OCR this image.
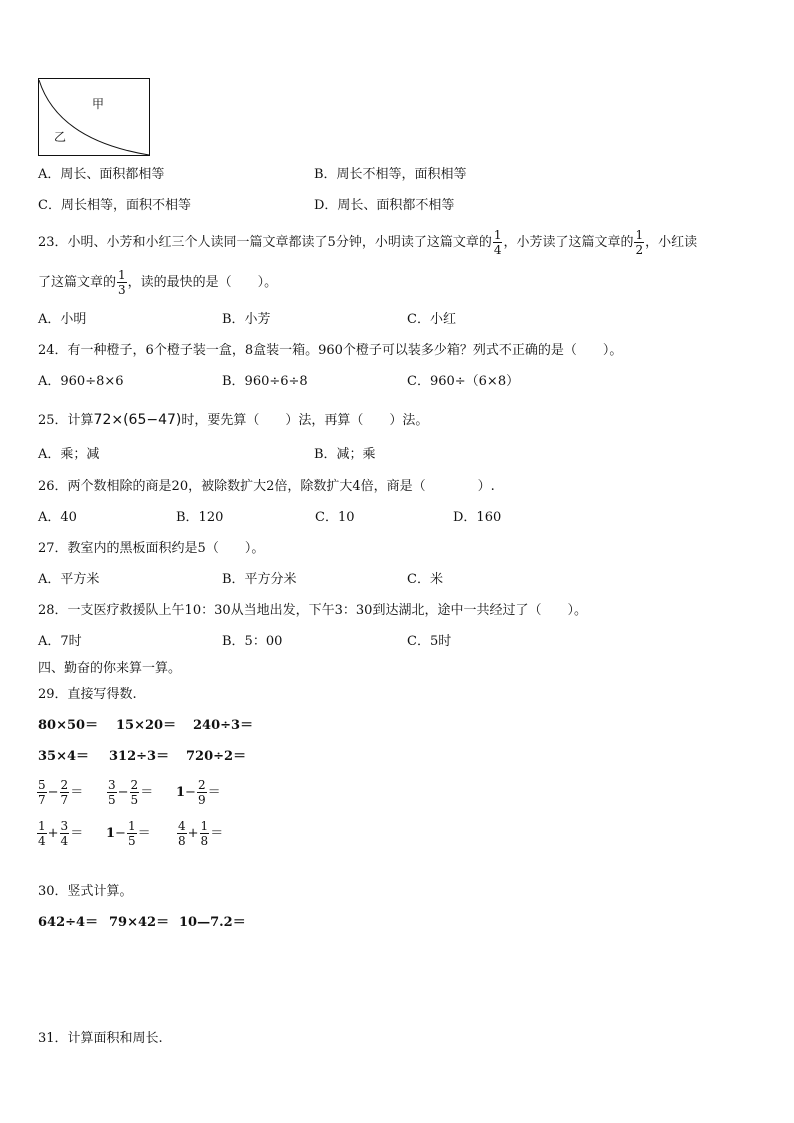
甲
乙
A．周长、面积都相等	B．周长不相等，面积相等
C．周长相等，面积不相等	D．周长、面积都不相等
23．小明、小芳和小红三个人读同一篇文章都读了5分钟，小明读了这篇文章的 $\frac{1}{4}$ ，小芳读了这篇文章的 $\frac{1}{2}$ ，小红读
了这篇文章的 $\frac{1}{3}$ ，读的最快的是（　　）。
A．小明	B．小芳	C．小红
24．有一种橙子，6个橙子装一盒，8盒装一箱。960个橙子可以装多少箱？列式不正确的是（　　）。
A．960÷8×6	B．960÷6÷8	C．960÷（6×8）
25．计算72×(65−47)时，要先算（　　）法，再算（　　）法。
A．乘；减	B．减；乘
26．两个数相除的商是20，被除数扩大2倍，除数扩大4倍，商是（　　　　）.
A．40	B．120	C．10	D．160
27．教室内的黑板面积约是5（　　）。
A．平方米	B．平方分米	C．米
28．一支医疗救援队上午10：30从当地出发，下午3：30到达湖北，途中一共经过了（　　）。
A．7时	B．5：00	C．5时
四、勤奋的你来算一算。
29．直接写得数.
80×50＝ 15×20＝ 240÷3＝
35×4＝ 312÷3＝ 720÷2＝
$\frac{5}{7} - \frac{2}{7} = \frac{3}{5} - \frac{2}{5} = 1- \frac{2}{9}$ ＝
$\frac{1}{4} + \frac{3}{4} = 1- \frac{1}{5} = \frac{4}{8} + \frac{1}{8}$ ＝
30．竖式计算。
642÷4＝ 79×42＝ 10—7.2＝
31．计算面积和周长.
